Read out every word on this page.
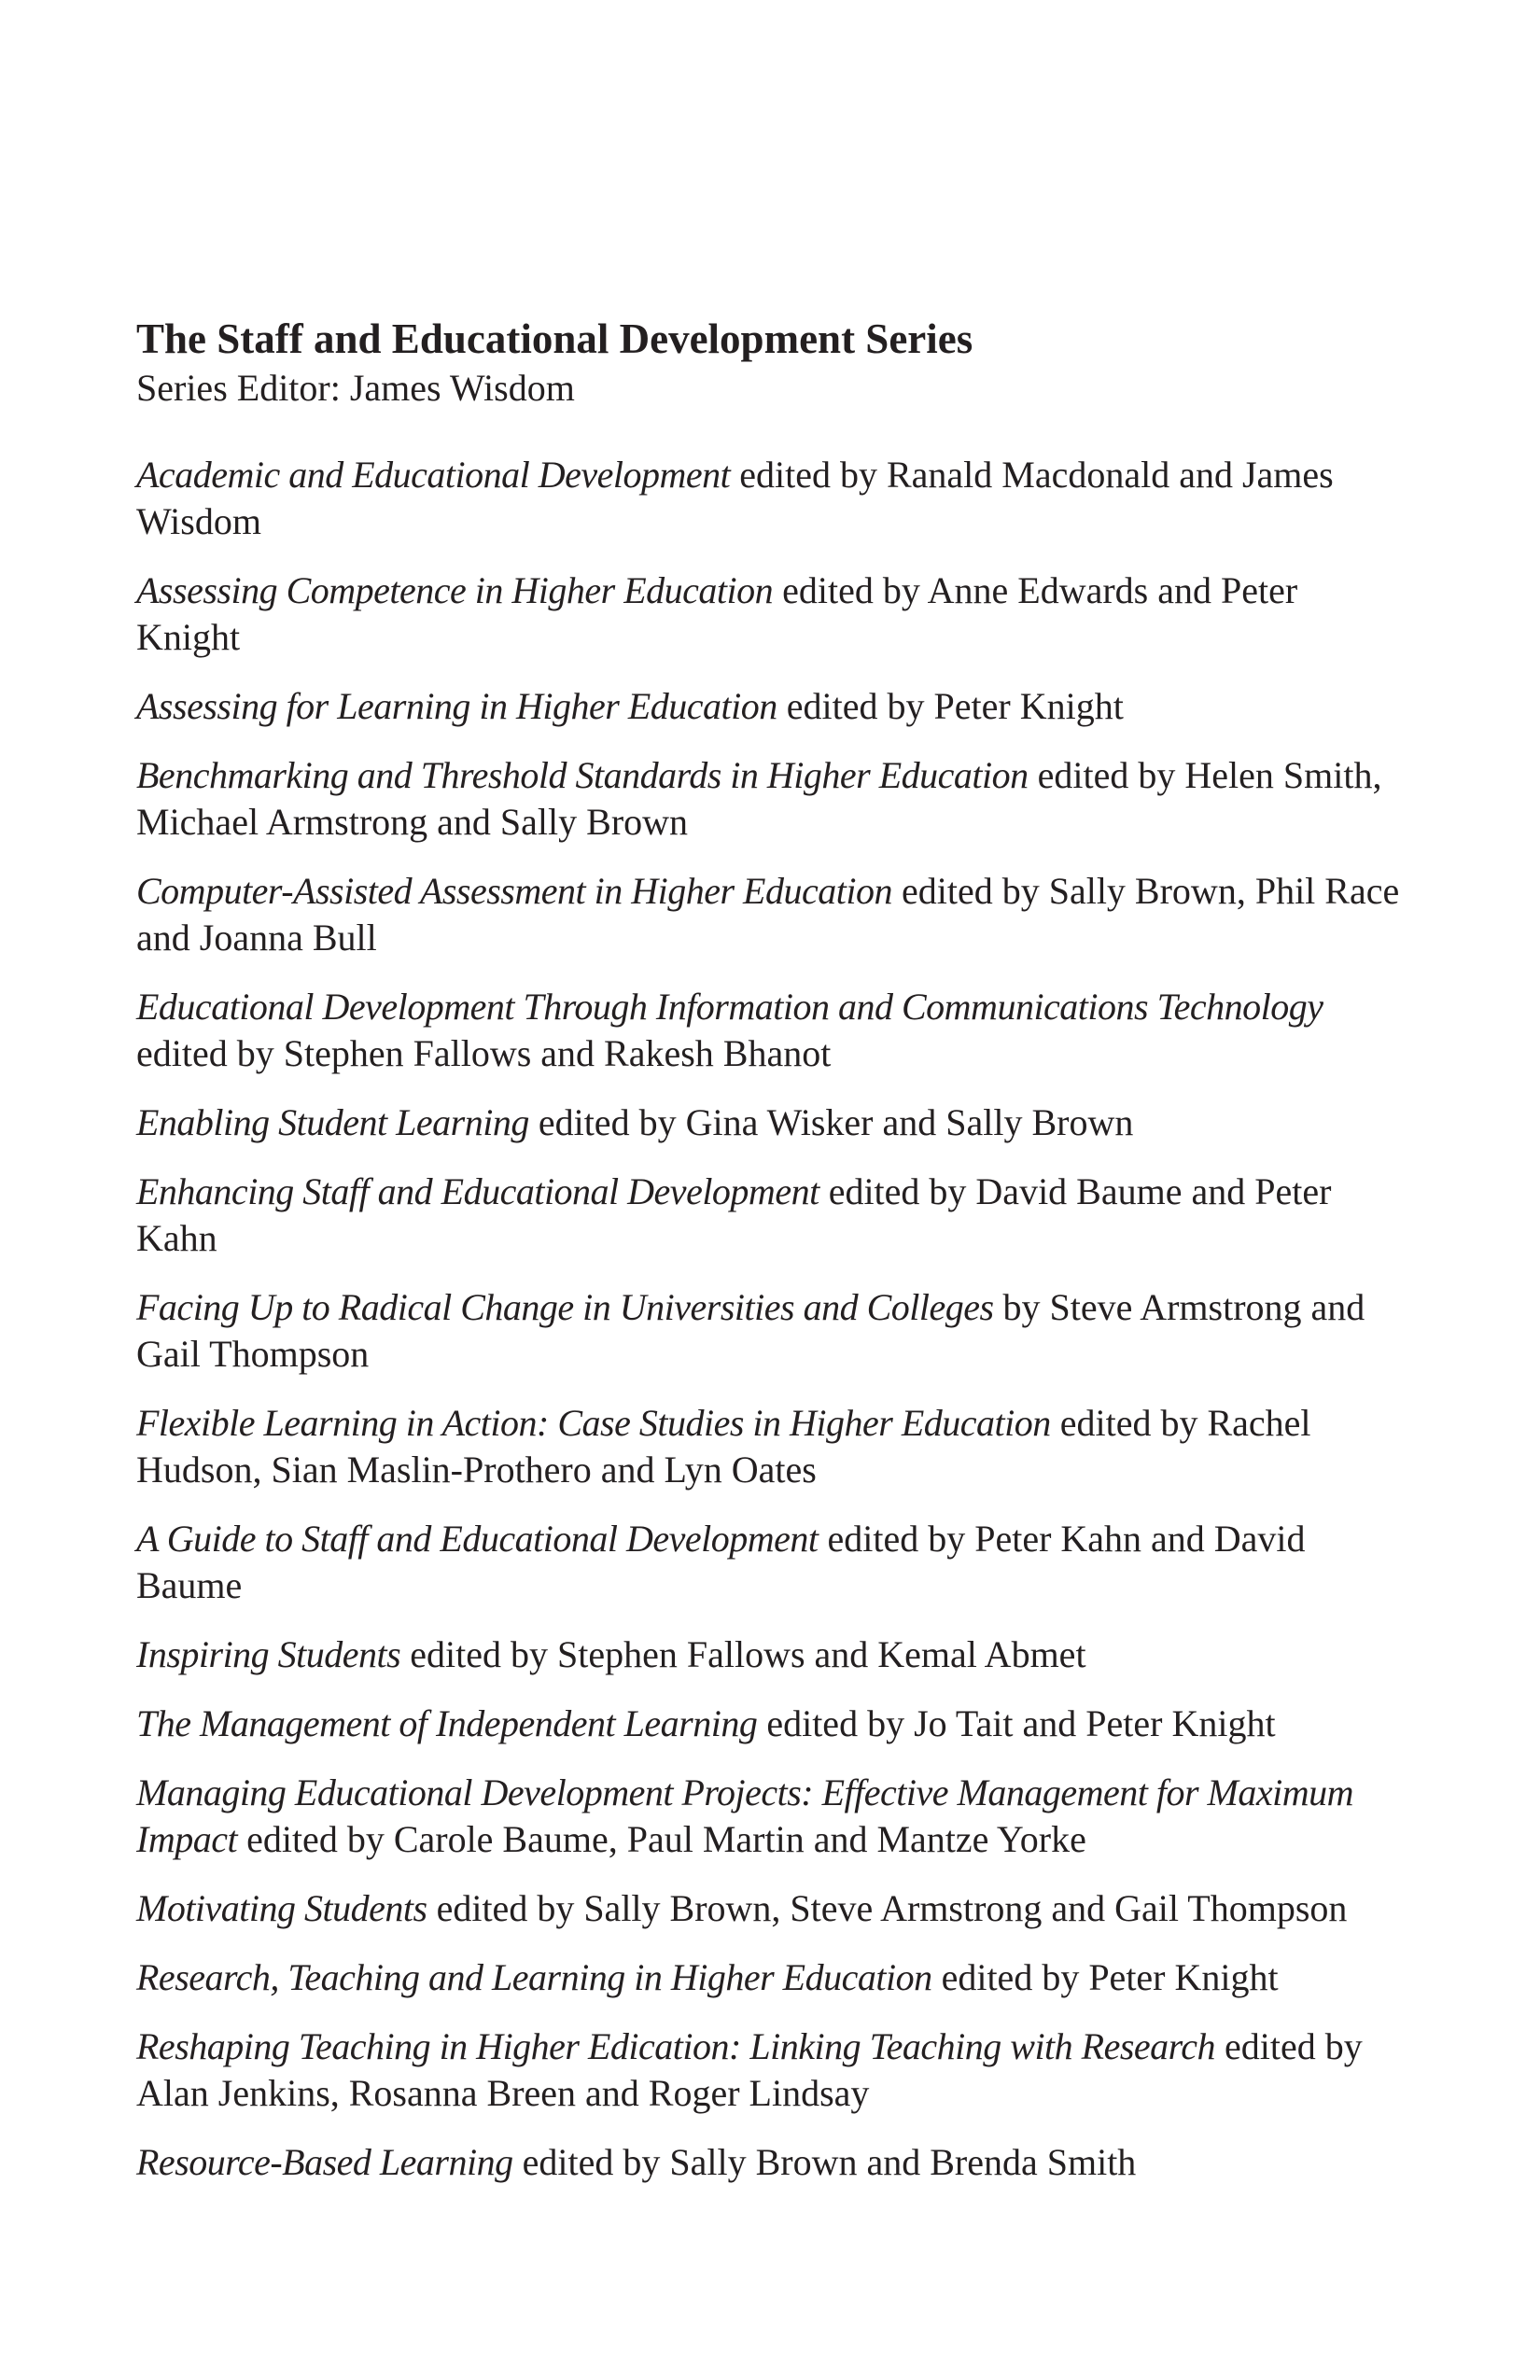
The Staff and Educational Development Series

Series Editor: James Wisdom

Academic and Educational Development edited by Ranald Macdonald and James Wisdom
Assessing Competence in Higher Education edited by Anne Edwards and Peter Knight
Assessing for Learning in Higher Education edited by Peter Knight
Benchmarking and Threshold Standards in Higher Education edited by Helen Smith, Michael Armstrong and Sally Brown
Computer-Assisted Assessment in Higher Education edited by Sally Brown, Phil Race and Joanna Bull
Educational Development Through Information and Communications Technology edited by Stephen Fallows and Rakesh Bhanot
Enabling Student Learning edited by Gina Wisker and Sally Brown
Enhancing Staff and Educational Development edited by David Baume and Peter Kahn
Facing Up to Radical Change in Universities and Colleges by Steve Armstrong and Gail Thompson
Flexible Learning in Action: Case Studies in Higher Education edited by Rachel Hudson, Sian Maslin-Prothero and Lyn Oates
A Guide to Staff and Educational Development edited by Peter Kahn and David Baume
Inspiring Students edited by Stephen Fallows and Kemal Abmet
The Management of Independent Learning edited by Jo Tait and Peter Knight
Managing Educational Development Projects: Effective Management for Maximum Impact edited by Carole Baume, Paul Martin and Mantze Yorke
Motivating Students edited by Sally Brown, Steve Armstrong and Gail Thompson
Research, Teaching and Learning in Higher Education edited by Peter Knight
Reshaping Teaching in Higher Edication: Linking Teaching with Research edited by Alan Jenkins, Rosanna Breen and Roger Lindsay
Resource-Based Learning edited by Sally Brown and Brenda Smith
